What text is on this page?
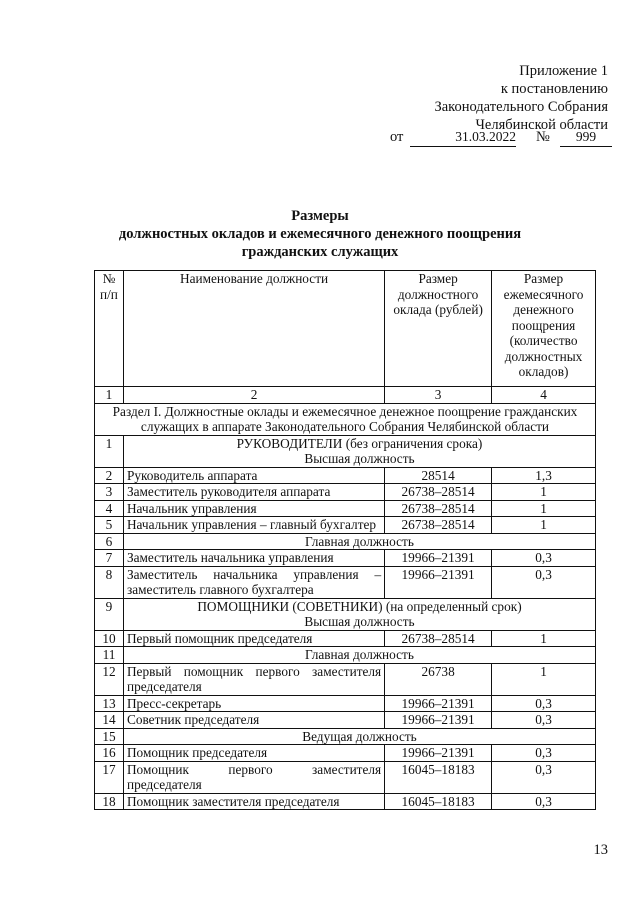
Приложение 1
к постановлению
Законодательного Собрания
Челябинской области
от	31.03.2022 №	999
Размеры
должностных окладов и ежемесячного денежного поощрения
гражданских служащих
№ п/п	Наименование должности	Размер должностного оклада (рублей)	Размер ежемесячного денежного поощрения (количество должностных окладов)
1	2	3	4
Раздел I. Должностные оклады и ежемесячное денежное поощрение гражданских служащих в аппарате Законодательного Собрания Челябинской области			
1	РУКОВОДИТЕЛИ (без ограничения срока)
Высшая должность		

2	Руководитель аппарата	28514	1,3
3	Заместитель руководителя аппарата	26738–28514	1
4	Начальник управления	26738–28514	1
5	Начальник управления – главный бухгалтер	26738–28514	1
6	Главная должность		

7	Заместитель начальника управления	19966–21391	0,3
8	Заместитель начальника управления – заместитель главного бухгалтера	19966–21391	0,3
9	ПОМОЩНИКИ (СОВЕТНИКИ) (на определенный срок)
Высшая должность		

10	Первый помощник председателя	26738–28514	1
11	Главная должность		

12	Первый помощник первого заместителя председателя	26738	1
13	Пресс-секретарь	19966–21391	0,3
14	Советник председателя	19966–21391	0,3
15	Ведущая должность		

16	Помощник председателя	19966–21391	0,3
17	Помощник первого заместителя председателя	16045–18183	0,3
18	Помощник заместителя председателя	16045–18183	0,3
13
